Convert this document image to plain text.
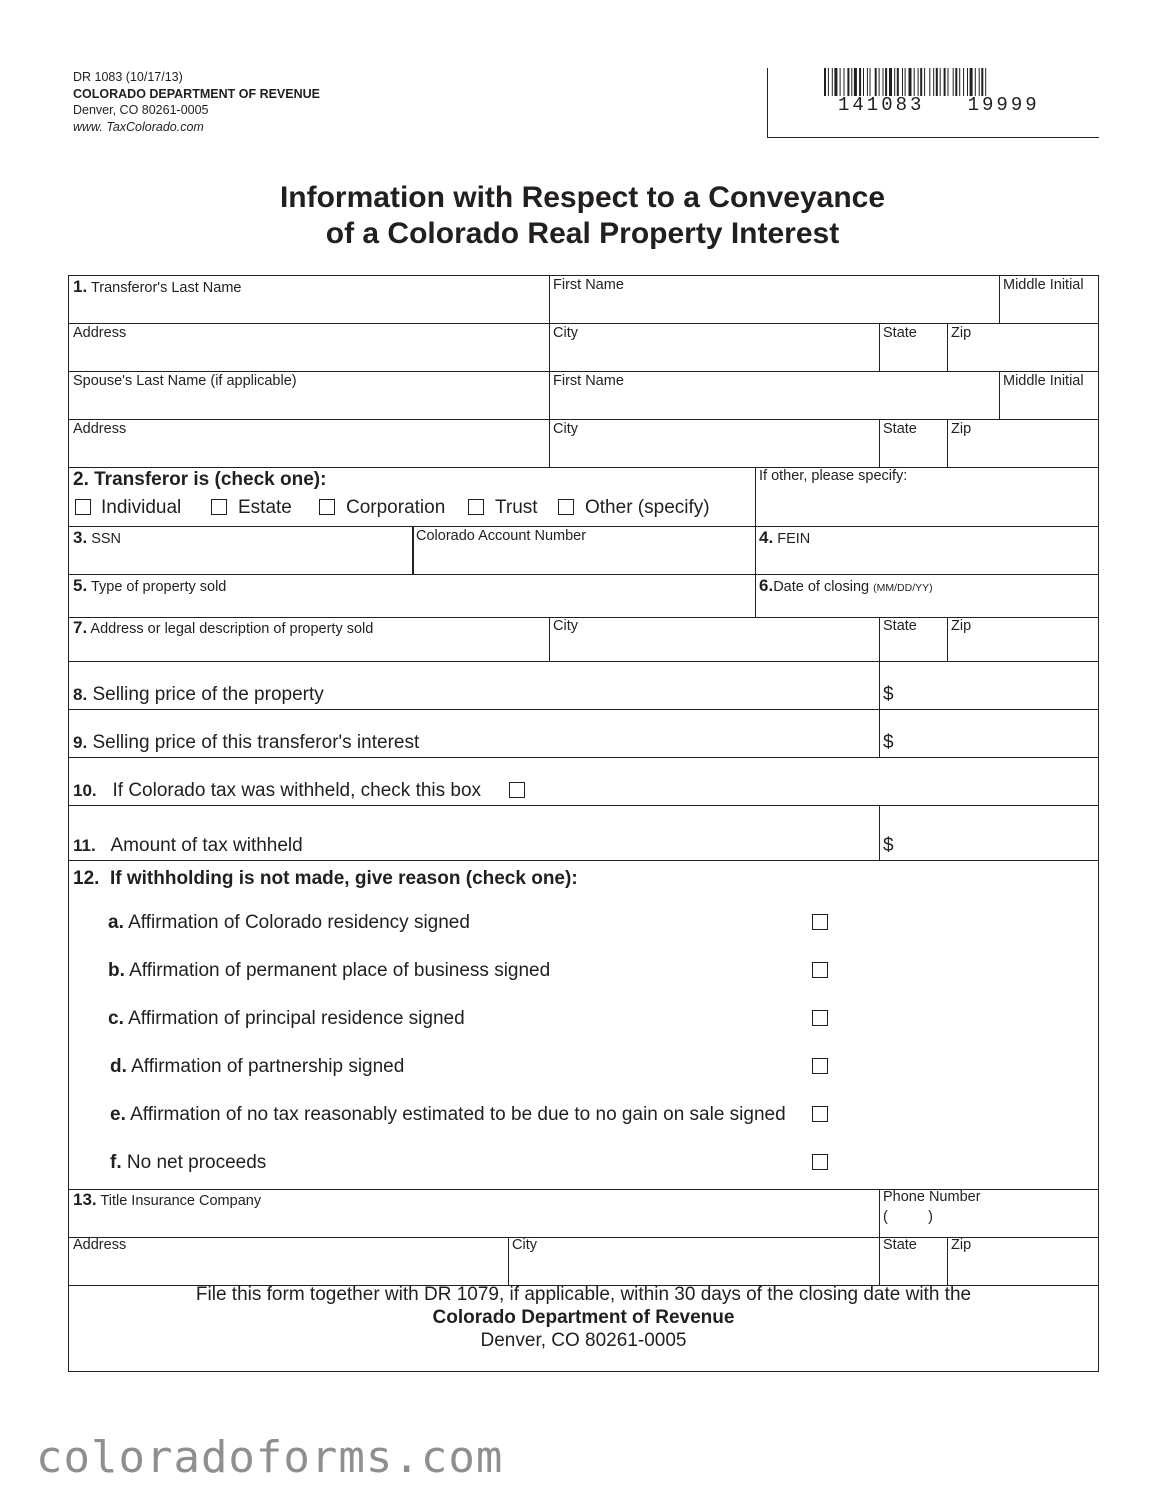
DR 1083 (10/17/13)
COLORADO DEPARTMENT OF REVENUE
Denver, CO 80261-0005
www. TaxColorado.com
141083   19999
Information with Respect to a Conveyance
of a Colorado Real Property Interest
1. Transferor's Last Name	First Name	Middle Initial
Address	City	State Zip
Spouse's Last Name (if applicable)	First Name	Middle Initial
Address	City	State Zip
2. Transferor is (check one):	If other, please specify:
Individual	Estate	Corporation	Trust Other (specify)
3. SSN	Colorado Account Number	4. FEIN
5. Type of property sold	6.Date of closing (MM/DD/YY)
7. Address or legal description of property sold	City	State Zip
8. Selling price of the property	$
9. Selling price of this transferor's interest	$
10. If Colorado tax was withheld, check this box
11. Amount of tax withheld	$
12. If withholding is not made, give reason (check one):
a. Affirmation of Colorado residency signed
b. Affirmation of permanent place of business signed
c. Affirmation of principal residence signed
d. Affirmation of partnership signed
e. Affirmation of no tax reasonably estimated to be due to no gain on sale signed
f. No net proceeds
13. Title Insurance Company	Phone Number
(          )
Address	City	State Zip
File this form together with DR 1079, if applicable, within 30 days of the closing date with the
Colorado Department of Revenue
Denver, CO 80261-0005
coloradoforms.com
